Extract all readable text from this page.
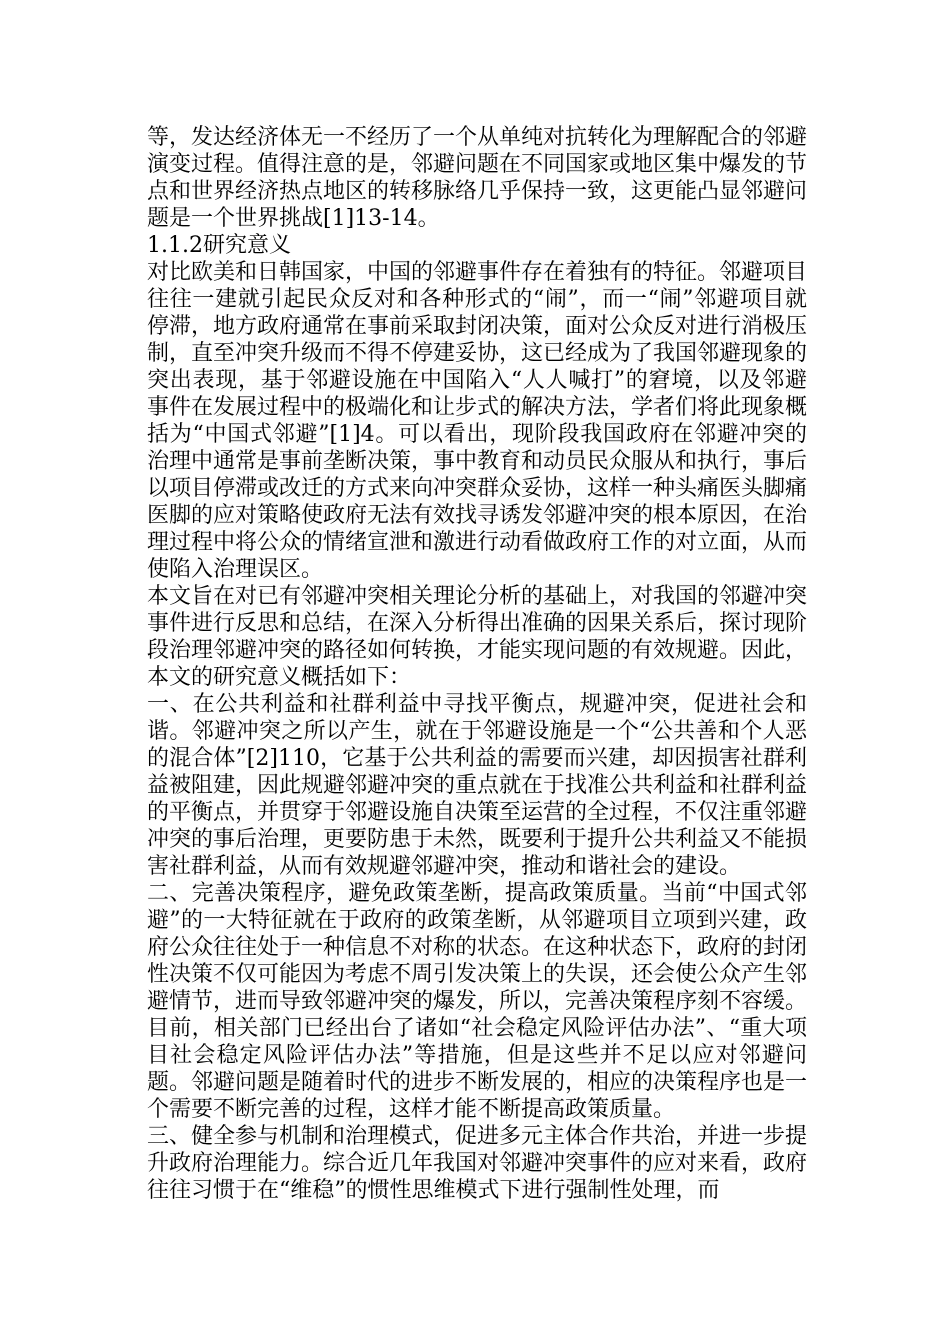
等，发达经济体无一不经历了一个从单纯对抗转化为理解配合的邻避演变过程。值得注意的是，邻避问题在不同国家或地区集中爆发的节点和世界经济热点地区的转移脉络几乎保持一致，这更能凸显邻避问题是一个世界挑战[1]13-14。

1.1.2研究意义

对比欧美和日韩国家，中国的邻避事件存在着独有的特征。邻避项目往往一建就引起民众反对和各种形式的“闹”，而一“闹”邻避项目就停滞，地方政府通常在事前采取封闭决策，面对公众反对进行消极压制，直至冲突升级而不得不停建妥协，这已经成为了我国邻避现象的突出表现，基于邻避设施在中国陷入“人人喊打”的窘境，以及邻避事件在发展过程中的极端化和让步式的解决方法，学者们将此现象概括为“中国式邻避”[1]4。可以看出，现阶段我国政府在邻避冲突的治理中通常是事前垄断决策，事中教育和动员民众服从和执行，事后以项目停滞或改迁的方式来向冲突群众妥协，这样一种头痛医头脚痛医脚的应对策略使政府无法有效找寻诱发邻避冲突的根本原因，在治理过程中将公众的情绪宣泄和激进行动看做政府工作的对立面，从而使陷入治理误区。

本文旨在对已有邻避冲突相关理论分析的基础上，对我国的邻避冲突事件进行反思和总结，在深入分析得出准确的因果关系后，探讨现阶段治理邻避冲突的路径如何转换，才能实现问题的有效规避。因此，本文的研究意义概括如下：

一、在公共利益和社群利益中寻找平衡点，规避冲突，促进社会和谐。邻避冲突之所以产生，就在于邻避设施是一个“公共善和个人恶的混合体”[2]110，它基于公共利益的需要而兴建，却因损害社群利益被阻建，因此规避邻避冲突的重点就在于找准公共利益和社群利益的平衡点，并贯穿于邻避设施自决策至运营的全过程，不仅注重邻避冲突的事后治理，更要防患于未然，既要利于提升公共利益又不能损害社群利益，从而有效规避邻避冲突，推动和谐社会的建设。

二、完善决策程序，避免政策垄断，提高政策质量。当前“中国式邻避”的一大特征就在于政府的政策垄断，从邻避项目立项到兴建，政府公众往往处于一种信息不对称的状态。在这种状态下，政府的封闭性决策不仅可能因为考虑不周引发决策上的失误，还会使公众产生邻避情节，进而导致邻避冲突的爆发，所以，完善决策程序刻不容缓。目前，相关部门已经出台了诸如“社会稳定风险评估办法”、“重大项目社会稳定风险评估办法”等措施，但是这些并不足以应对邻避问题。邻避问题是随着时代的进步不断发展的，相应的决策程序也是一个需要不断完善的过程，这样才能不断提高政策质量。

三、健全参与机制和治理模式，促进多元主体合作共治，并进一步提升政府治理能力。综合近几年我国对邻避冲突事件的应对来看，政府往往习惯于在“维稳”的惯性思维模式下进行强制性处理，而
